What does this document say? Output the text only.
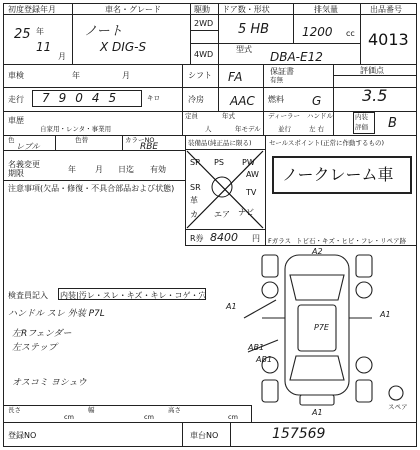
初度登録年月
25 年
11
月
車名・グレード
ノート
X DIG-S
駆動
2WD
4WD
ドア数・形状
5 HB
排気量
1200 cc
型式
DBA-E12
出品番号
4013
車検	年	月
走行 79045	キロ
シフト FA
冷房 AAC
保証書
有無
燃料 G
評価点
3.5
車歴
自家用・レンタ・事業用
定員
人
年式
年モデル
ディーラー
並行
ハンドル
左 右
内装
評価 B
色
レブル
色替	カラーNO
RBE
名義変更
期限	年 月 日迄 有効
注意事項(欠品・修復・不具合部品および状態)
装備品(純正品に限る)
SR PS PW
AW
SR
TV
革
ナビ
カ エア
R券 8400 円
セールスポイント(正常に作動するもの)
ノークレーム車
Fガラス トビ石・キズ・ヒビ・フレ・リペア跡
検査員記入 内装|汚レ・スレ・キズ・キレ・コゲ・穴
ハンドル スレ 外装 P7L
左Rフェンダー
左ステップ
オスコミ ヨシュウ
A1
A2
A1
P7E
AB1
AB1
A1
スペア
長さ
cm
幅
cm
高さ
cm
登録NO	車台NO	157569
